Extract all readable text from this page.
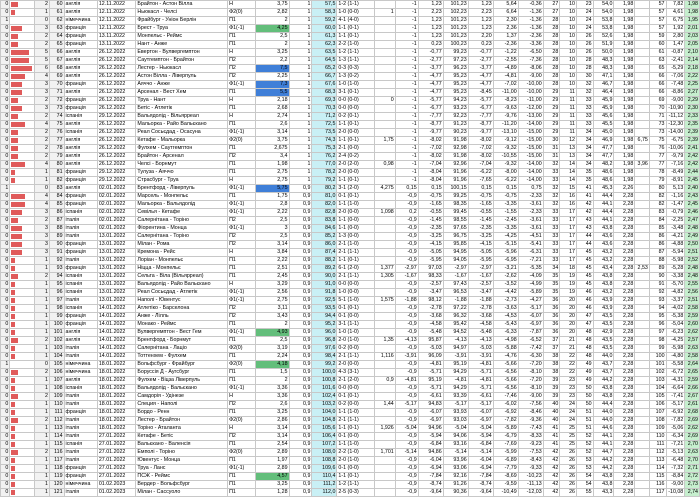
0		2	60	англія	12.11.2022	Брайтон - Астон Вілла	Н	3,75	1	57,5	1-2 (1-1)		-1	1,23	101,23	1,23	5,64	-0,36	27	10	23	54,0	1,98		57	7,82	1,98
0		1	61	англія	12.11.2022	Ньюкасл - Челсі	Ф2(0)	2,82	1	58,3	1-0 (0-0)	1	-1	2,23	102,23	2,23	6,64	-1,36	27	10	24	54,0	1,98		57	4,61	1,98
1		0	62	німеччина	12.11.2022	Фрайбург - Уніон Берлін	П1	2	1	59,2	4-1 (4-0)		-1	1,23	101,23	1,23	2,30	-1,36	28	10	24	53,8	1,98		57	6,75	1,95
0		3	63	франція	12.11.2022	Брест - Труа	Ф1(-1)	4,25	1	60,0	1-1 (0-1)		-1	1,23	101,23	1,23	2,36	-1,36	28	10	24	53,8	1,98		57	1,92	2,01
0		2	64	франція	13.11.2022	Монпельє - Реймс	П1	2,5	1	61,3	1-1 (0-1)		-1	1,23	101,23	2,20	1,37	-2,36	28	10	26	52,6	1,98		59	2,80	2,03
0		2	65	франція	13.11.2022	Нант - Анже	П1	2	1	62,3	2-2 (1-0)		-1	0,23	100,23	0,23	-2,36	-3,36	28	10	26	51,9	1,98		60	1,47	2,05
0		5	66	англія	26.12.2022	Евертон - Вулвергемптон	Н	3,25	1	63,5	1-2 (1-1)		-1	-0,77	99,23	-0,77	-1,22	-6,50	28	10	26	50,0	1,98		61	-0,87	2,10
0		5	67	англія	26.12.2022	Саутгемптон - Брайтон	П2	2,2	1	64,5	1-3 (1-1)		-1	-2,77	97,23	-2,77	-2,55	-7,36	28	10	28	48,3	1,98		63	-2,41	2,14
0		6	68	англія	26.12.2022	Лестер - Ньюкасл	П2	7,5	1	65,2	0-3 (0-3)		-1	-3,77	96,23	-3,77	-4,89	-8,06	28	10	28	48,3	1,98		65	-5,29	2,18
0		4	69	англія	26.12.2022	Астон Вілла - Ліверпуль	П2	2,25	1	66,7	1-3 (0-2)		-1	-4,77	95,23	-4,77	-4,81	-9,00	28	10	30	47,1	1,98		66	-7,06	2,22
0		3	70	франція	26.12.2022	Аяччо - Анже	Ф1(-1)	7,3	1	67,6	1-0 (1-0)		-1	-4,77	95,23	-4,77	-7,02	-10,00	28	10	32	46,7	1,98		66	-7,48	2,25
0		3	71	англія	26.12.2022	Арсенал - Вест Хем	П1	5,5	1	68,3	3-1 (0-1)		-1	-4,77	95,23	-8,45	-11,00	-10,00	29	11	32	46,4	1,98		66	-8,86	2,27
0		2	72	франція	26.12.2022	Труа - Нант	Н	2,18	1	69,3	0-0 (0-0)	0	-1	-5,77	94,23	-5,77	-8,23	-11,00	29	11	33	45,9	1,98		69	-9,00	2,29
0		3	73	франція	26.12.2022	Бетіс - Атлетік	П1	2,68	1	70,3	0-0 (0-0)		-1	-6,77	93,23	-6,77	-9,63	-12,00	29	11	33	45,9	1,98		70	-10,90	2,30
0		2	74	іспанія	29.12.2022	Вальядолід - Вільярреал	Н	2,74	1	71,2	0-2 (0-1)		-1	-7,77	92,23	-7,77	-9,76	-13,00	29	11	33	45,6	1,98		71	-11,12	2,33
0		4	75	англія	26.12.2022	Мальорка - Райо Вальєкано	П1	2,6	1	72,5	1-1 (0-1)		-1	-8,77	91,23	-8,77	-11,20	-14,00	29	11	33	45,5	1,98		73	-12,30	2,35
0		2	76	іспанія	26.12.2022	Реал Сосьєдад - Осасуна	Ф1(-1)	3,14	1	73,5	2-0 (0-0)		-1	-9,77	90,23	-9,77	-13,10	-15,00	29	11	34	45,0	1,98		73	-14,00	2,39
0		2	77	англія	26.12.2022	Кетафе - Мальорка	Ф2(0)	3,75	1	74,3	1-1 (0-1)	1,75	-1	-8,02	91,98	-8,02	-9,12	-15,00	30	12	34	46,9	1,98	6,75	75	-6,75	2,39
0		2	78	англія	26.12.2022	Фулхем - Саутгемптон	П1	2,675	1	75,3	2-1 (0-0)		-1	-7,02	92,98	-7,02	-9,32	-15,00	31	13	34	47,7	1,98		76	-10,06	2,41
0		2	79	англія	26.12.2022	Брайтон - Арсенал	П2	3,4	1	76,2	2-4 (0-2)		-1	-8,02	91,98	-8,02	-10,55	-15,00	31	13	34	47,7	1,98		77	-9,79	2,42
0		4	80	англія	26.12.2022	Челсі - Борнмут	П1	1,98	1	77,0	2-0 (2-0)	0,98	-1	-7,04	92,96	-7,04	-9,32	-14,00	32	14	34	48,2	1,98	3,96	77	-7,16	2,42
0		1	81	франція	29.12.2022	Тулуза - Аяччо	П1	2,75	1	78,2	2-0 (0-0)		-1	-8,04	91,96	-6,22	-8,00	-14,00	33	14	35	48,6	1,98		78	-8,49	2,44
0		1	82	франція	29.12.2022	Страсбург - Труа	Н	2,75	1	79,2	1-1 (0-1)		-1	-8,04	91,96	-7,65	-6,22	-14,00	33	14	35	48,6	1,98		79	-8,91	2,45
1		0	83	англія	02.01.2022	Брентфорд - Ліверпуль	Ф1(-1)	5,75	0,9	80,2	3-1 (2-0)	4,275	0,15	0,15	100,15	0,15	0,15	0,75	32	15	41	45,3	2,26		80	5,13	2,40
0		4	84	франція	02.01.2022	Марсель - Монпельє	П1	1,75	0,9	81,0	0-1 (0-1)		-0,9	-0,75	99,25	-0,75	-0,75	-2,33	32	16	41	44,4	2,28		82	-1,16	2,43
0		4	85	франція	02.01.2022	Мальорка - Вальядолід	Ф1(-1)	2,8	0,9	82,0	1-1 (1-0)		-0,9	-1,65	98,35	-1,65	-3,35	-3,61	32	16	42	44,1	2,28		82	-1,47	2,45
0		3	86	іспанія	02.01.2022	Севілья - Кетафе	Ф1(-1)	2,22	0,9	82,8	2-0 (0-0)	1,098	0,2	-0,55	99,45	-0,55	-1,55	-2,33	33	17	42	44,4	2,28		83	-0,79	2,46
0		2	87	італія	02.01.2022	Салернітана - Торіно	П2	2,5	0,9	83,8	1-1 (0-0)		-0,9	-1,45	98,55	-1,45	-2,45	-3,61	33	17	43	44,1	2,28		84	-2,25	2,47
0		3	88	італія	02.01.2022	Фіорентина - Монца	Ф1(-1)	3	0,9	84,6	1-1 (0-0)		-0,9	-2,35	97,65	-2,35	-3,35	-3,61	33	17	43	43,8	2,28		85	-3,48	2,48
0		3	89	італія	13.01.2022	Салернітана - Торіно	П2	2,5	0,9	85,2	1-3 (0-0)		-0,9	-3,25	96,75	-3,25	-4,25	-4,51	33	17	44	43,6	2,28		86	-4,21	2,49
0		3	90	франція	13.01.2022	Мілан - Рома	П2	3,14	0,9	86,0	2-1 (1-0)		-0,9	-4,15	95,85	-4,15	-5,15	-5,41	33	17	44	43,6	2,28		86	-4,88	2,50
0		3	91	франція	13.01.2022	Кремона - Рейс	Н	3,84	0,9	87,4	2-1 (1-1)		-0,9	-5,05	94,95	-5,05	-5,96	-6,31	33	17	45	43,2	2,28		87	-5,94	2,51
0		1	92	італія	13.01.2022	Лоріан - Монпельє	П1	2,22	0,9	88,2	1-1 (0-1)		-0,9	-5,95	94,05	-5,95	-6,95	-7,21	33	17	45	43,2	2,28		88	-5,98	2,52
0		1	93	франція	13.01.2022	Ніцца - Монпельє	П1	2,51	0,9	89,2	6-1 (2-0)	1,377	-2,97	97,03	-2,97	-2,97	-3,21	-5,35	34	18	45	43,4	2,28	2,53	89	-5,28	2,48
0		2	94	іспанія	13.01.2022	Сельта - Віла (Вільярреал)	П1	2,45	0,9	90,0	2-1 (1-1)	1,305	-1,67	98,33	-1,67	-1,67	-2,62	-4,09	35	19	45	43,8	2,28		90	-3,38	2,48
0		1	95	іспанія	13.01.2022	Вальядолід - Райо Вальєкано	Н	3,29	0,9	91,0	0-0 (0-0)		-0,9	-2,57	97,43	-2,57	-3,52	-4,99	35	19	45	43,8	2,28		91	-5,70	2,55
0		1	96	іспанія	13.01.2022	Реал Сосьєдад - Атлетік	Ф1(-1)	2,56	0,9	91,8	1-0 (0-0)		-0,9	-3,47	96,53	-3,47	-4,42	-5,89	35	19	46	43,2	2,28		92	-4,82	2,56
0		1	97	італія	13.01.2022	Наполі - Ювентус	Ф1(-1)	2,75	0,9	92,5	5-1 (1-0)	1,575	-1,88	98,12	-1,88	-1,88	-2,73	-4,27	36	20	46	43,9	2,28		93	-3,37	2,51
0		1	98	іспанія	14.01.2022	Атлетіко - Барселона	П2	3,11	0,9	93,5	0-1 (0-1)		-0,9	-2,78	97,22	-2,78	-3,63	-5,17	36	20	46	43,9	2,28		94	-4,02	2,58
0		1	99	франція	14.01.2022	Анже - Лілль	П2	3,43	0,9	94,4	0-1 (0-0)		-0,9	-3,68	96,32	-3,68	-4,53	-6,07	36	20	47	43,5	2,28		95	-5,38	2,59
0		1	100	франція	14.01.2022	Монако - Реймс	П1	2	0,9	95,2	3-1 (1-1)		-0,9	-4,58	95,42	-4,58	-5,43	-6,97	36	20	47	43,5	2,28		96	-5,04	2,60
0		1	101	англія	14.01.2022	Вулвергемптон - Вест Гем	Ф1(-1)	4,93	0,9	96,0	1-0 (1-0)		-0,9	-5,48	94,52	-5,48	-6,33	-7,87	36	20	48	42,9	2,28		97	-6,23	2,62
0		2	102	англія	14.01.2022	Брентфорд - Борнмут	П1	2,5	0,9	96,8	2-0 (1-0)	1,35	-4,13	95,87	-4,13	-4,13	-4,98	-6,52	37	21	48	43,5	2,28		98	-4,25	2,57
0		1	103	італія	14.01.2022	Салернітана - Лаціо	Ф2(0)	3,19	0,9	97,6	0-2 (0-0)		-0,9	-5,03	94,97	-5,03	-5,88	-7,42	37	21	48	43,5	2,28		99	-5,98	2,63
0		1	104	італія	14.01.2022	Тоттенхем - Фулхем	П1	2,24	0,9	98,4	2-1 (1-1)	1,116	-3,91	96,09	-3,91	-3,91	-4,76	-6,30	38	22	48	44,0	2,28		100	-4,80	2,58
1		0	105	німеччина	18.01.2022	Вольфсбург - Фрайбург	Ф2(0)	4,18	0,9	99,2	2-0 (0-0)		-0,9	-4,81	95,19	-4,81	-5,66	-7,20	38	22	49	43,7	2,28		101	-5,58	2,64
0		2	106	німеччина	18.01.2022	Боруссія Д - Аугсбург	П1	1,5	0,9	100,0	4-3 (3-1)		-0,9	-5,71	94,29	-5,71	-6,56	-8,10	38	22	49	43,7	2,28		102	-6,72	2,65
0		1	107	англія	18.01.2022	Фулхем - Віцза Ліверпуль	П1	2	0,9	100,8	2-1 (2-0)	0,9	-4,81	95,19	-4,81	-4,81	-5,66	-7,20	39	23	49	44,2	2,28		103	-4,31	2,59
0		1	108	іспанія	18.01.2022	Вальядолід - Вальєкано	Ф1(-1)	3,36	0,9	101,6	0-0 (0-0)		-0,9	-5,71	94,29	-5,71	-6,56	-8,10	39	23	50	43,8	2,28		104	-6,64	2,66
0		2	109	італія	18.01.2022	Самдорія - Удінезе	Н	3,36	0,9	102,4	0-1 (0-1)		-0,9	-6,61	93,39	-6,61	-7,46	-9,00	39	23	50	43,8	2,28		105	-7,41	2,67
0		1	110	італія	18.01.2022	Специя - Наполі	П2	2,6	0,9	103,2	0-2 (0-0)	1,44	-5,17	94,83	-5,17	-5,17	-6,02	-7,56	40	24	50	44,4	2,28		106	-5,17	2,61
0		1	111	франція	18.01.2022	Бордо - Ренн	П1	3,25	0,9	104,0	1-1 (1-0)		-0,9	-6,07	93,93	-6,07	-6,92	-8,46	40	24	51	44,0	2,28		107	-6,92	2,68
0		2	112	італія	18.01.2022	Лестер - Брайтон	Ф2(0)	2,86	0,9	104,8	2-1 (1-1)		-0,9	-6,97	93,03	-6,97	-7,82	-9,36	40	24	51	44,0	2,28		108	-7,82	2,69
0		1	113	італія	18.01.2022	Торіно - Аталанта	Н	3,14	0,9	105,6	1-1 (0-1)	1,926	-5,04	94,96	-5,04	-5,04	-5,89	-7,43	41	25	51	44,6	2,28		109	-5,06	2,62
0		1	114	італія	27.01.2022	Кетафе - Бетіс	П2	3,14	0,9	106,4	0-1 (0-0)		-0,9	-5,94	94,06	-5,94	-6,79	-8,33	41	25	52	44,1	2,28		110	-6,34	2,69
0		1	115	іспанія	27.01.2022	Вальєкано - Валенсія	П1	2,54	0,9	107,2	1-1 (1-0)		-0,9	-6,84	93,16	-6,84	-7,69	-9,23	41	25	52	44,1	2,28		111	-7,21	2,70
0		2	116	італія	27.01.2022	Емполі - Торіно	Ф2(0)	2,89	0,9	108,0	2-2 (1-0)	1,701	-5,14	94,86	-5,14	-5,14	-5,99	-7,53	42	26	52	44,7	2,28		112	-5,13	2,63
0		1	117	італія	27.01.2022	Ювентус - Монца	П1	1,97	0,9	108,8	2-0 (1-0)		-0,9	-6,04	93,96	-6,04	-6,89	-8,43	42	26	53	44,2	2,28		113	-6,48	2,70
0		1	118	франція	27.01.2022	Труа - Ланс	Ф1(-1)	2,89	0,9	109,6	0-1 (0-0)		-0,9	-6,94	93,06	-6,94	-7,79	-9,33	42	26	53	44,2	2,28		114	-7,32	2,71
0		1	119	франція	27.01.2022	ПСЖ - Реймс	П1	4,57	0,9	110,4	1-1 (0-1)		-0,9	-7,84	92,16	-7,84	-8,69	-10,23	42	26	54	43,8	2,28		115	-8,84	2,72
0		1	120	німеччина	01.02.2023	Вердер - Вольфсбург	П1	3,25	0,9	111,2	1-2 (1-1)		-0,9	-8,74	91,26	-8,74	-9,59	-11,13	42	26	54	43,8	2,28		116	-9,00	2,73
0		1	121	італія	01.02.2023	Мілан - Сассуоло	П1	1,28	0,9	112,0	2-5 (0-3)		-0,9	-9,64	90,36	-9,64	-10,49	-12,03	42	26	55	43,3	2,28		117	-10,08	2,74
